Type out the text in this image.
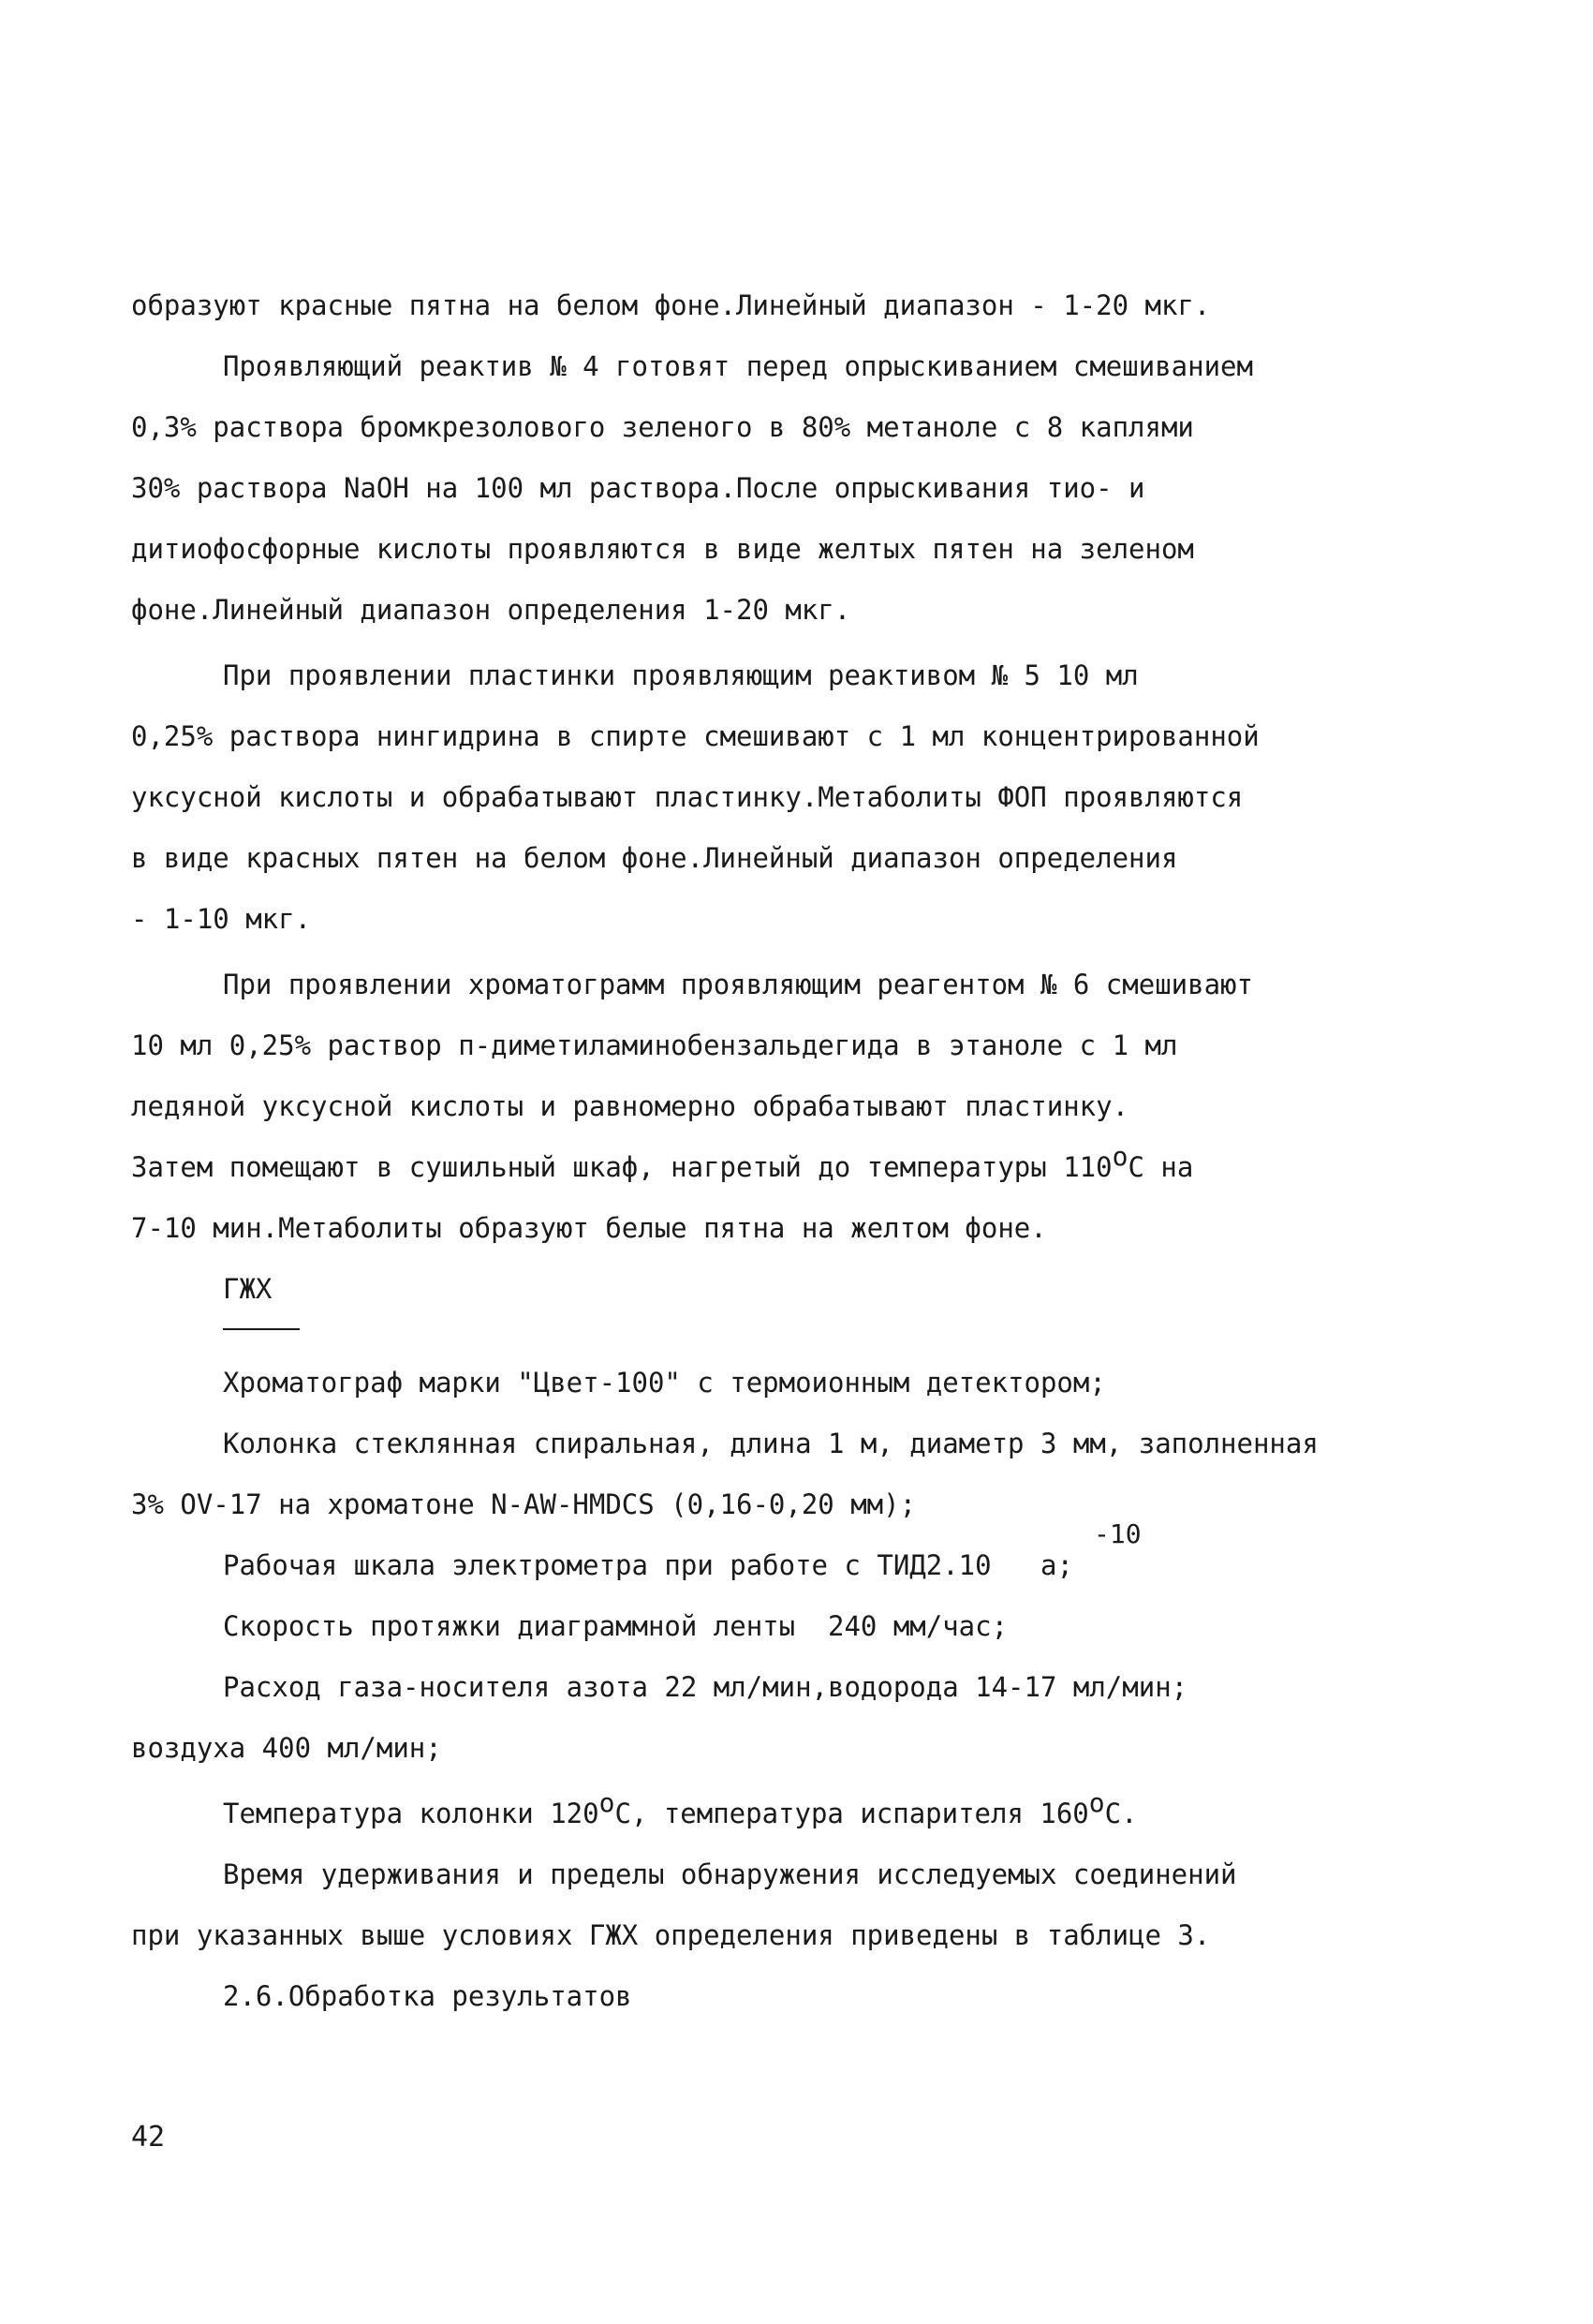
образуют красные пятна на белом фоне.Линейный диапазон - 1-20 мкг.
Проявляющий реактив № 4 готовят перед опрыскиванием смешиванием
0,3% раствора бромкрезолового зеленого в 80% метаноле с 8 каплями
30% раствора NaOH на 100 мл раствора.После опрыскивания тио- и
дитиофосфорные кислоты проявляются в виде желтых пятен на зеленом
фоне.Линейный диапазон определения 1-20 мкг.
При проявлении пластинки проявляющим реактивом № 5 10 мл
0,25% раствора нингидрина в спирте смешивают с 1 мл концентрированной
уксусной кислоты и обрабатывают пластинку.Метаболиты ФОП проявляются
в виде красных пятен на белом фоне.Линейный диапазон определения
- 1-10 мкг.
При проявлении хроматограмм проявляющим реагентом № 6 смешивают
10 мл 0,25% раствор п-диметиламинобензальдегида в этаноле с 1 мл
ледяной уксусной кислоты и равномерно обрабатывают пластинку.
Затем помещают в сушильный шкаф, нагретый до температуры 110oC на
7-10 мин.Метаболиты образуют белые пятна на желтом фоне.
ГЖХ
Хроматограф марки "Цвет-100" с термоионным детектором;
Колонка стеклянная спиральная, длина 1 м, диаметр 3 мм, заполненная
3% OV-17 на хроматоне N-AW-HMDCS (0,16-0,20 мм);
-10
Рабочая шкала электрометра при работе с ТИД2.10 а;
Скорость протяжки диаграммной ленты  240 мм/час;
Расход газа-носителя азота 22 мл/мин,водорода 14-17 мл/мин;
воздуха 400 мл/мин;
Температура колонки 120oC, температура испарителя 160oC.
Время удерживания и пределы обнаружения исследуемых соединений
при указанных выше условиях ГЖХ определения приведены в таблице 3.
2.6.Обработка результатов
42
